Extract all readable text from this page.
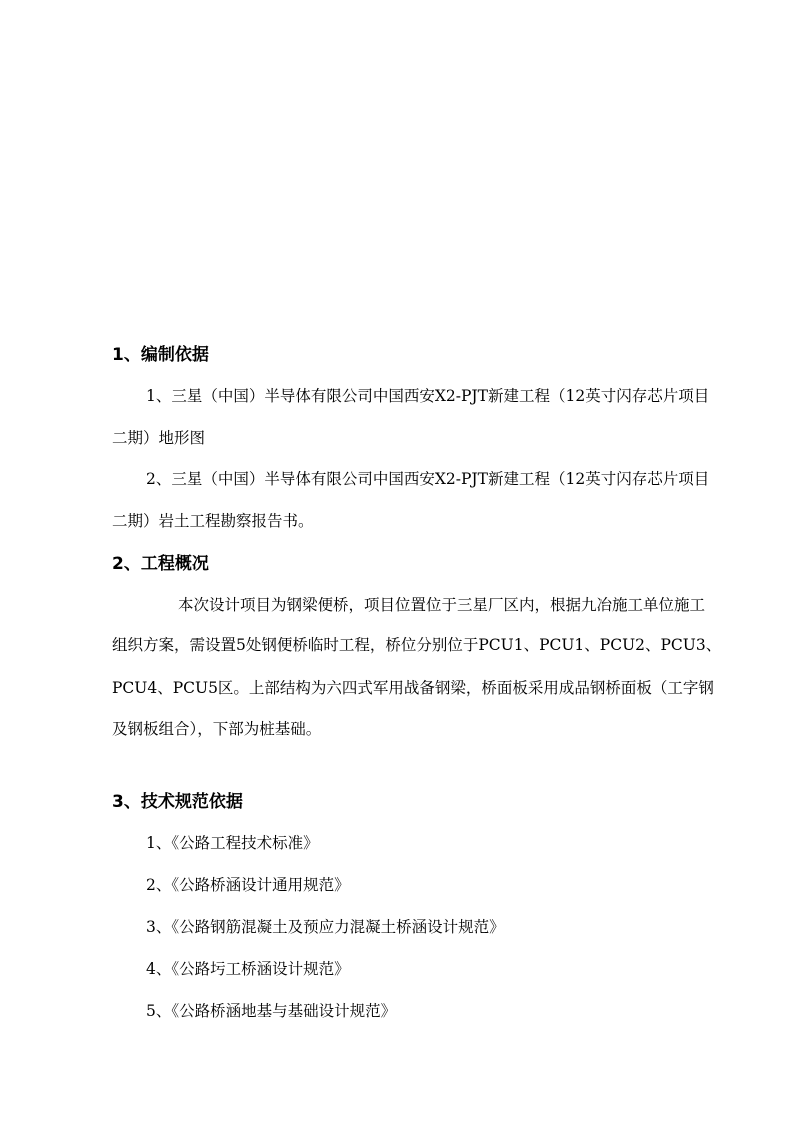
1、编制依据
1、三星（中国）半导体有限公司中国西安X2-PJT新建工程（12英寸闪存芯片项目
二期）地形图
2、三星（中国）半导体有限公司中国西安X2-PJT新建工程（12英寸闪存芯片项目
二期）岩土工程勘察报告书。
2、工程概况
本次设计项目为钢梁便桥，项目位置位于三星厂区内，根据九冶施工单位施工
组织方案，需设置5处钢便桥临时工程，桥位分别位于PCU1、PCU1、PCU2、PCU3、
PCU4、PCU5区。上部结构为六四式军用战备钢梁，桥面板采用成品钢桥面板（工字钢
及钢板组合），下部为桩基础。
3、技术规范依据
1、《公路工程技术标准》
2、《公路桥涵设计通用规范》
3、《公路钢筋混凝土及预应力混凝土桥涵设计规范》
4、《公路圬工桥涵设计规范》
5、《公路桥涵地基与基础设计规范》
